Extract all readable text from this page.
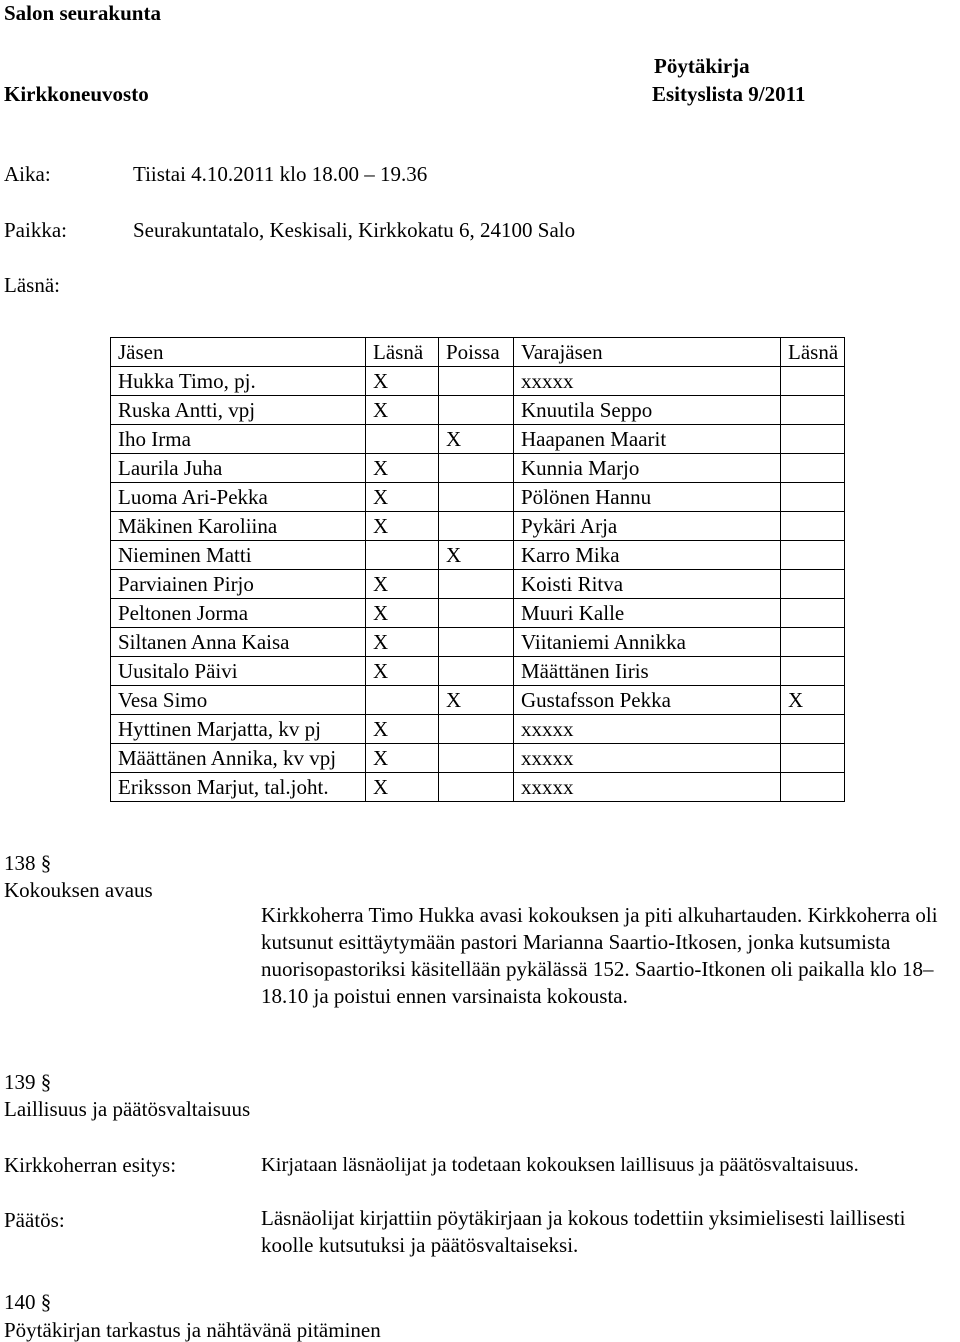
Salon seurakunta
Pöytäkirja
Kirkkoneuvosto	Esityslista 9/2011
Aika:	Tiistai 4.10.2011 klo 18.00 – 19.36
Paikka:	Seurakuntatalo, Keskisali, Kirkkokatu 6, 24100 Salo
Läsnä:
Jäsen	Läsnä	Poissa	Varajäsen	Läsnä
Hukka Timo, pj.	X		xxxxx	
Ruska Antti, vpj	X		Knuutila Seppo	
Iho Irma		X	Haapanen Maarit	
Laurila Juha	X		Kunnia Marjo	
Luoma Ari-Pekka	X		Pölönen Hannu	
Mäkinen Karoliina	X		Pykäri Arja	
Nieminen Matti		X	Karro Mika	
Parviainen Pirjo	X		Koisti Ritva	
Peltonen Jorma	X		Muuri Kalle	
Siltanen Anna Kaisa	X		Viitaniemi Annikka	
Uusitalo Päivi	X		Määttänen Iiris	
Vesa Simo		X	Gustafsson Pekka	X
Hyttinen Marjatta, kv pj	X		xxxxx	
Määttänen Annika, kv vpj	X		xxxxx	
Eriksson Marjut, tal.joht.	X		xxxxx	
138 §
Kokouksen avaus
Kirkkoherra Timo Hukka avasi kokouksen ja piti alkuhartauden. Kirkkoherra oli kutsunut esittäytymään pastori Marianna Saartio-Itkosen, jonka kutsumista nuorisopastoriksi käsitellään pykälässä 152. Saartio-Itkonen oli paikalla klo 18–18.10 ja poistui ennen varsinaista kokousta.
139 §
Laillisuus ja päätösvaltaisuus
Kirkkoherran esitys:	Kirjataan läsnäolijat ja todetaan kokouksen laillisuus ja päätösvaltaisuus.
Päätös:	Läsnäolijat kirjattiin pöytäkirjaan ja kokous todettiin yksimielisesti laillisesti koolle kutsutuksi ja päätösvaltaiseksi.
140 §
Pöytäkirjan tarkastus ja nähtävänä pitäminen
